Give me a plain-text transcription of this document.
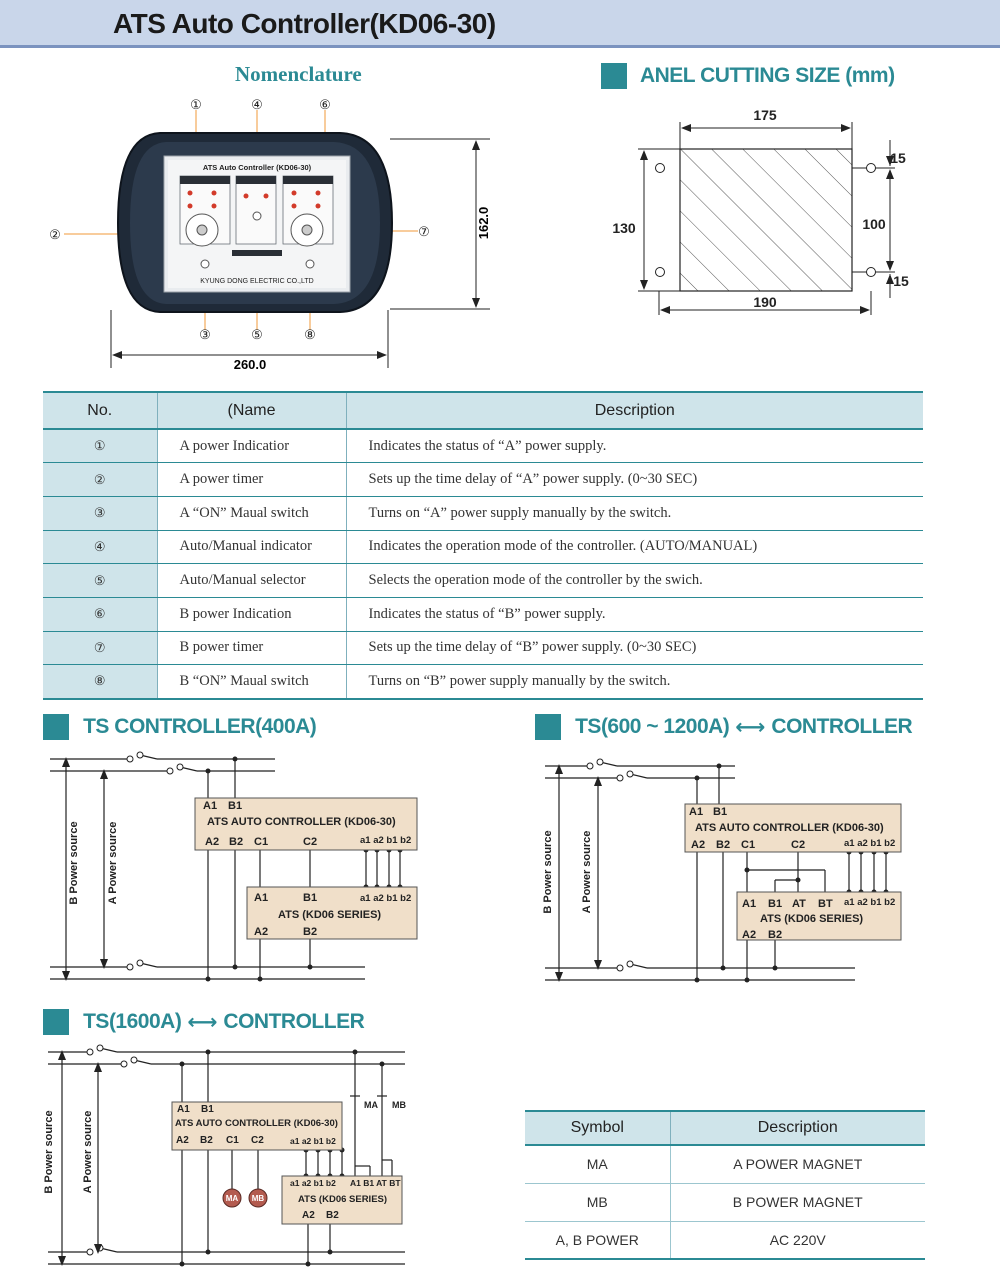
ATS Auto Controller(KD06-30)
Nomenclature
ATS Auto Controller (KD06-30)
KYUNG DONG ELECTRIC CO.,LTD
①	④	⑥
②	⑦
③	⑤	⑧
260.0
162.0
PANEL CUTTING SIZE (mm)
175
190
130	100
15
15
No.	(Name	Description
①	A power Indicatior	Indicates the status of “A” power supply.
②	A power timer	Sets up the time delay of “A” power supply. (0~30 SEC)
③	A “ON” Maual switch	Turns on “A” power supply manually by the switch.
④	Auto/Manual indicator	Indicates the operation mode of the controller. (AUTO/MANUAL)
⑤	Auto/Manual selector	Selects the operation mode of the controller by the swich.
⑥	B power Indication	Indicates the status of “B” power supply.
⑦	B power timer	Sets up the time delay of “B” power supply. (0~30 SEC)
⑧	B “ON” Maual switch	Turns on “B” power supply manually by the switch.
ATS CONTROLLER(400A)	ATS(600 ~ 1200A) ⟷ CONTROLLER
ATS(1600A) ⟷ CONTROLLER
A1 B1
ATS AUTO CONTROLLER (KD06-30)
A2 B2 C1	C2
A1	B1
ATS (KD06 SERIES)
A2	B2
a1 a2 b1 b2
a1 a2 b1 b2
B Power source A Power source
A1 B1
ATS AUTO CONTROLLER (KD06-30)
A2 B2 C1	C2
A1 B1 AT BT
ATS (KD06 SERIES)
A2 B2
a1 a2 b1 b2
a1 a2 b1 b2
B Power source A Power source
A1 B1
ATS AUTO CONTROLLER (KD06-30)
A2 B2 C1 C2
ATS (KD06 SERIES)
A2 B2
MB
MA
a1 a2 b1 b2
a1 a2 b1 b2 A1 B1 AT BT
MA MB
B Power source A Power source	Symbol	Description
MA	A POWER MAGNET
MB	B POWER MAGNET
A, B POWER	AC 220V
